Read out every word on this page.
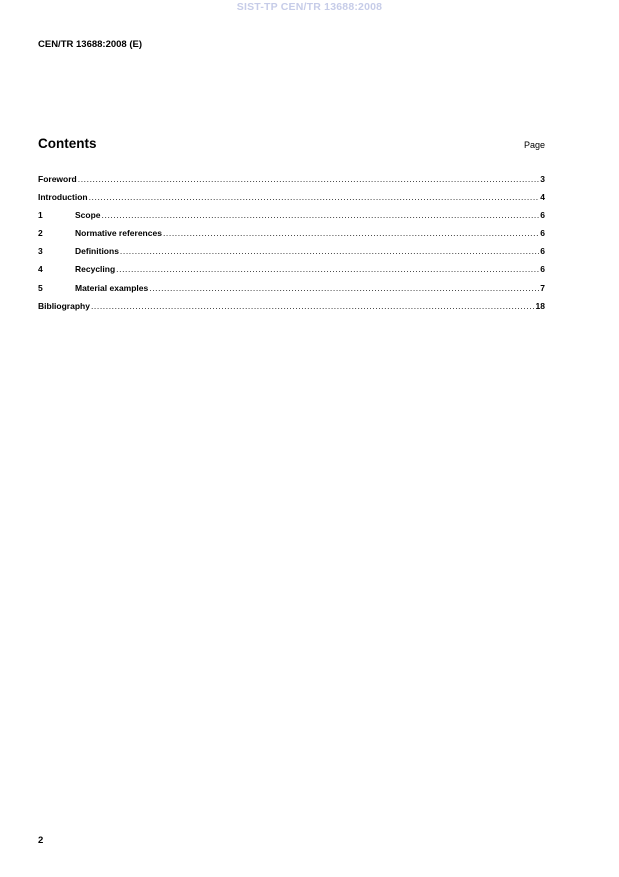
SIST-TP CEN/TR 13688:2008
CEN/TR 13688:2008 (E)
Contents	Page
Foreword .....	3
Introduction .....	4
1	Scope .....	6
2	Normative references .....	6
3	Definitions .....	6
4	Recycling .....	6
5	Material examples .....	7
Bibliography .....	18
2
